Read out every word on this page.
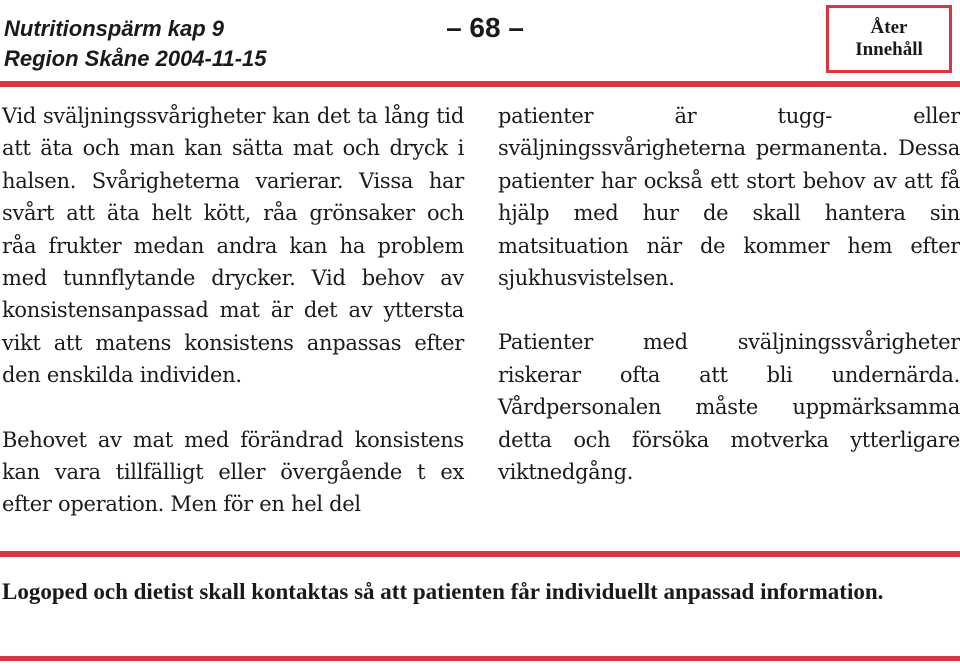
Nutritionspärm kap 9
Region Skåne 2004-11-15
– 68 –	Åter
Innehåll

Vid sväljningssvårigheter kan det ta lång tid att äta och man kan sätta mat och dryck i halsen. Svårigheterna varierar. Vissa har svårt att äta helt kött, råa grönsaker och råa frukter medan andra kan ha problem med tunnflytande drycker. Vid behov av konsistensanpassad mat är det av yttersta vikt att matens konsistens anpassas efter den enskilda individen.

Behovet av mat med förändrad konsistens kan vara tillfälligt eller övergående t ex efter operation. Men för en hel del

patienter är tugg- eller sväljningssvårigheterna permanenta. Dessa patienter har också ett stort behov av att få hjälp med hur de skall hantera sin matsituation när de kommer hem efter sjukhusvistelsen.

Patienter med sväljningssvårigheter riskerar ofta att bli undernärda. Vårdpersonalen måste uppmärksamma detta och försöka motverka ytterligare viktnedgång.

Logoped och dietist skall kontaktas så att patienten får individuellt anpassad information.
